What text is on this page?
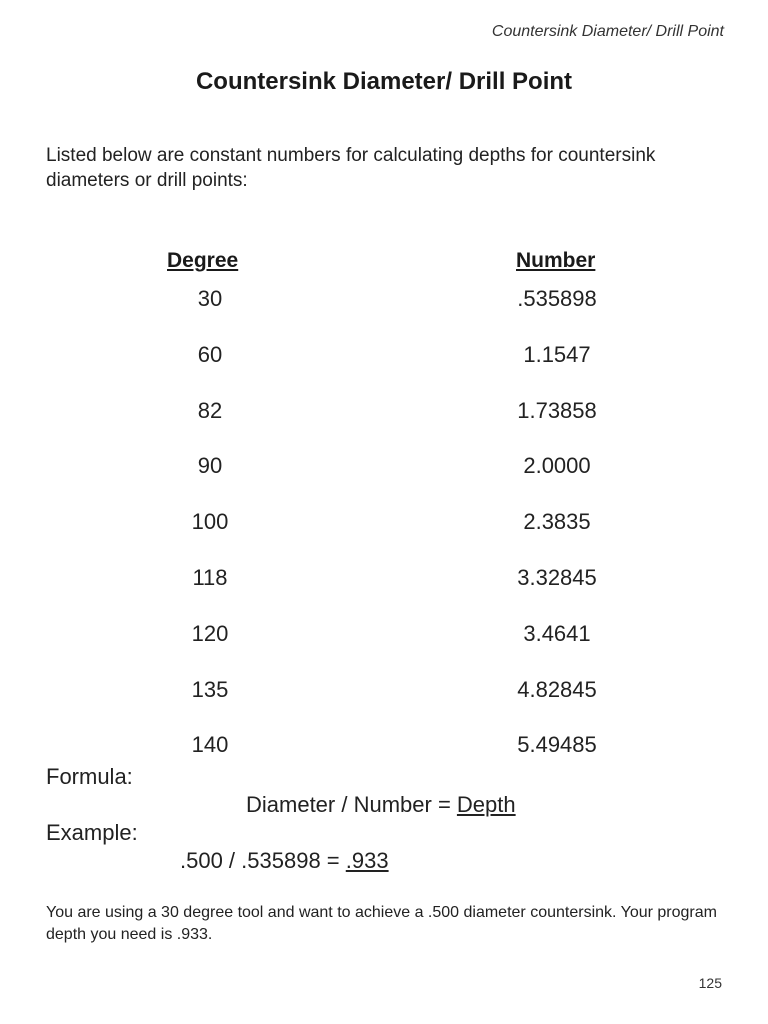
Countersink Diameter/ Drill Point
Countersink Diameter/ Drill Point
Listed below are constant numbers for calculating depths for countersink diameters or drill points:
Degree	Number
30	.535898
60	1.1547
82	1.73858
90	2.0000
100	2.3835
118	3.32845
120	3.4641
135	4.82845
140	5.49485
Formula:
Diameter / Number = Depth
Example:
.500 / .535898 = .933
You are using a 30 degree tool and want to achieve a .500 diameter countersink. Your program depth you need is .933.
125
